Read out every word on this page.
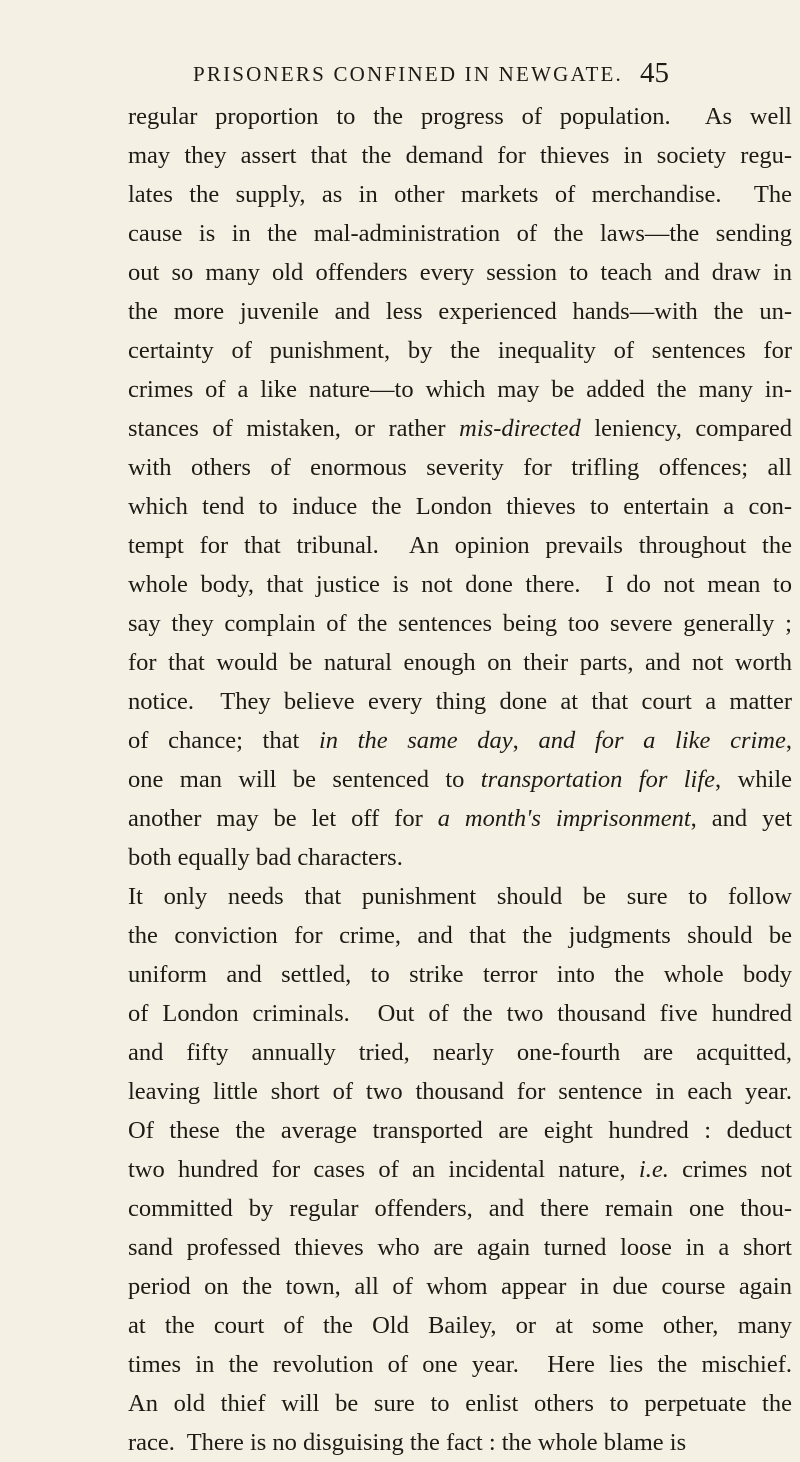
PRISONERS CONFINED IN NEWGATE. 45
regular proportion to the progress of population.  As well
may they assert that the demand for thieves in society regu-
lates the supply, as in other markets of merchandise.  The
cause is in the mal-administration of the laws—the sending
out so many old offenders every session to teach and draw in
the more juvenile and less experienced hands—with the un-
certainty of punishment, by the inequality of sentences for
crimes of a like nature—to which may be added the many in-
stances of mistaken, or rather mis-directed leniency, compared
with others of enormous severity for trifling offences; all
which tend to induce the London thieves to entertain a con-
tempt for that tribunal.  An opinion prevails throughout the
whole body, that justice is not done there.  I do not mean to
say they complain of the sentences being too severe generally ;
for that would be natural enough on their parts, and not worth
notice.  They believe every thing done at that court a matter
of chance; that in the same day, and for a like crime,
one man will be sentenced to transportation for life, while
another may be let off for a month's imprisonment, and yet
both equally bad characters.
It only needs that punishment should be sure to follow
the conviction for crime, and that the judgments should be
uniform and settled, to strike terror into the whole body
of London criminals.  Out of the two thousand five hundred
and fifty annually tried, nearly one-fourth are acquitted,
leaving little short of two thousand for sentence in each year.
Of these the average transported are eight hundred : deduct
two hundred for cases of an incidental nature, i.e. crimes not
committed by regular offenders, and there remain one thou-
sand professed thieves who are again turned loose in a short
period on the town, all of whom appear in due course again
at the court of the Old Bailey, or at some other, many
times in the revolution of one year.  Here lies the mischief.
An old thief will be sure to enlist others to perpetuate the
race.  There is no disguising the fact : the whole blame is
